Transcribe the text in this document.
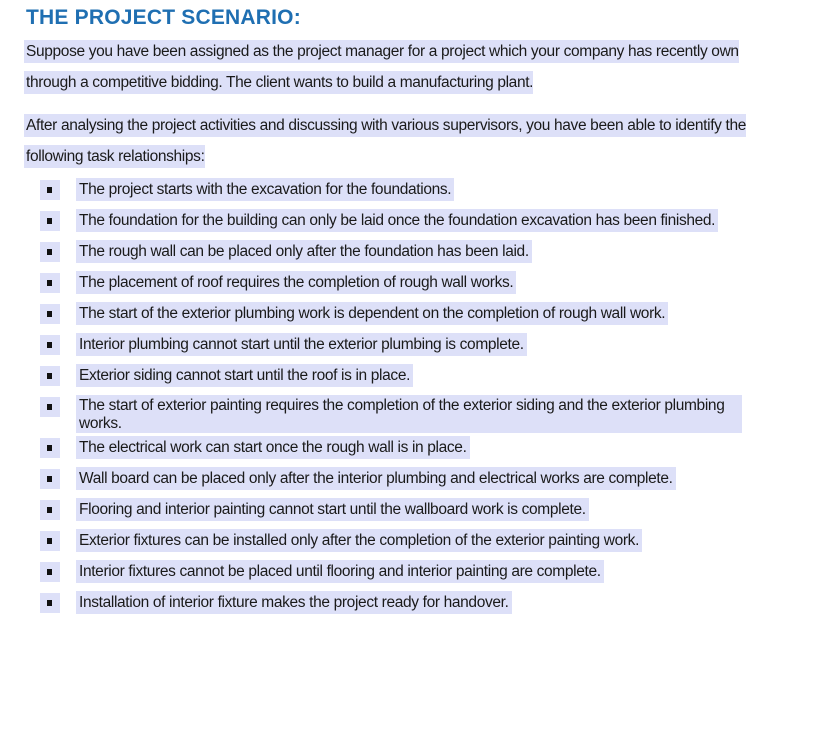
THE PROJECT SCENARIO:
Suppose you have been assigned as the project manager for a project which your company has recently own
through a competitive bidding. The client wants to build a manufacturing plant.
After analysing the project activities and discussing with various supervisors, you have been able to identify the
following task relationships:
The project starts with the excavation for the foundations.
The foundation for the building can only be laid once the foundation excavation has been finished.
The rough wall can be placed only after the foundation has been laid.
The placement of roof requires the completion of rough wall works.
The start of the exterior plumbing work is dependent on the completion of rough wall work.
Interior plumbing cannot start until the exterior plumbing is complete.
Exterior siding cannot start until the roof is in place.
The start of exterior painting requires the completion of the exterior siding and the exterior plumbing works.
The electrical work can start once the rough wall is in place.
Wall board can be placed only after the interior plumbing and electrical works are complete.
Flooring and interior painting cannot start until the wallboard work is complete.
Exterior fixtures can be installed only after the completion of the exterior painting work.
Interior fixtures cannot be placed until flooring and interior painting are complete.
Installation of interior fixture makes the project ready for handover.
